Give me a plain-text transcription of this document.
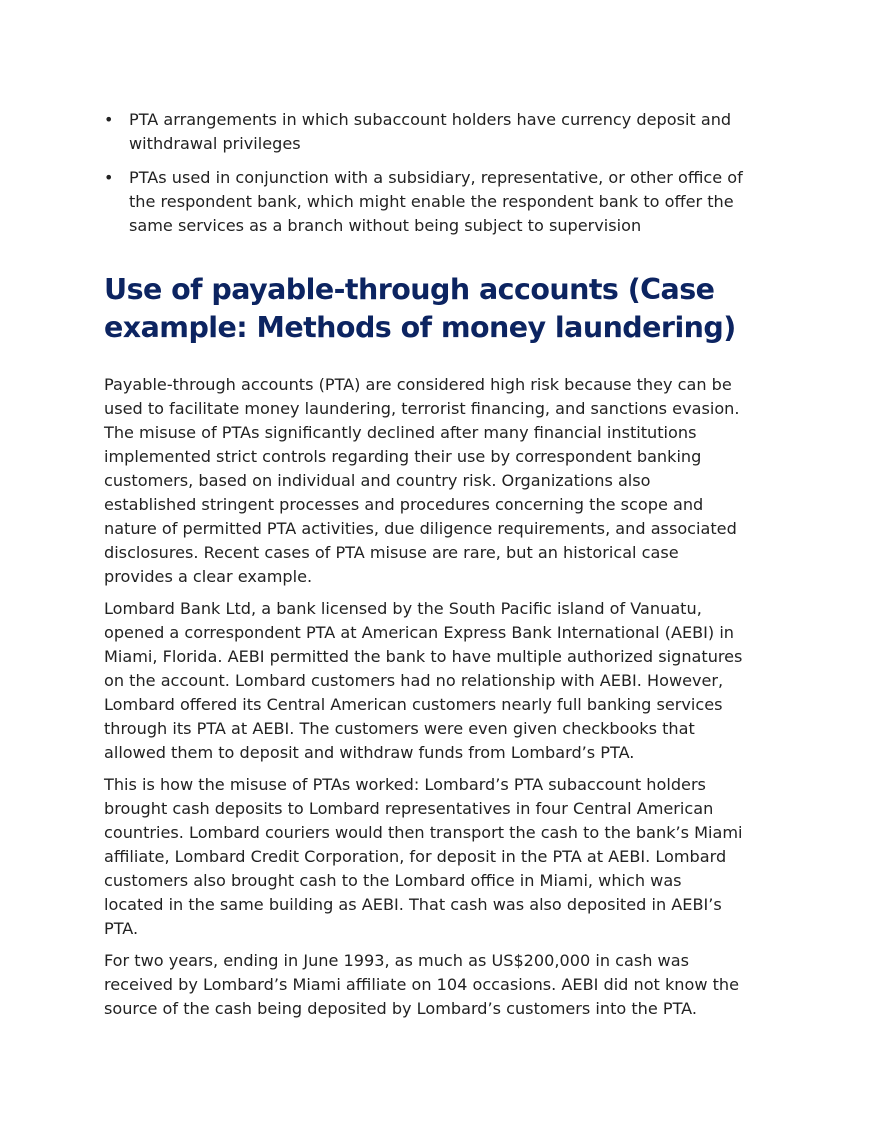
• PTA arrangements in which subaccount holders have currency deposit and withdrawal privileges
• PTAs used in conjunction with a subsidiary, representative, or other office of the respondent bank, which might enable the respondent bank to offer the same services as a branch without being subject to supervision
Use of payable-through accounts (Case example: Methods of money laundering)

Payable-through accounts (PTA) are considered high risk because they can be used to facilitate money laundering, terrorist financing, and sanctions evasion. The misuse of PTAs significantly declined after many financial institutions implemented strict controls regarding their use by correspondent banking customers, based on individual and country risk. Organizations also established stringent processes and procedures concerning the scope and nature of permitted PTA activities, due diligence requirements, and associated disclosures. Recent cases of PTA misuse are rare, but an historical case provides a clear example.

Lombard Bank Ltd, a bank licensed by the South Pacific island of Vanuatu, opened a correspondent PTA at American Express Bank International (AEBI) in Miami, Florida. AEBI permitted the bank to have multiple authorized signatures on the account. Lombard customers had no relationship with AEBI. However, Lombard offered its Central American customers nearly full banking services through its PTA at AEBI. The customers were even given checkbooks that allowed them to deposit and withdraw funds from Lombard’s PTA.

This is how the misuse of PTAs worked: Lombard’s PTA subaccount holders brought cash deposits to Lombard representatives in four Central American countries. Lombard couriers would then transport the cash to the bank’s Miami affiliate, Lombard Credit Corporation, for deposit in the PTA at AEBI. Lombard customers also brought cash to the Lombard office in Miami, which was located in the same building as AEBI. That cash was also deposited in AEBI’s PTA.

For two years, ending in June 1993, as much as US$200,000 in cash was received by Lombard’s Miami affiliate on 104 occasions. AEBI did not know the source of the cash being deposited by Lombard’s customers into the PTA.
